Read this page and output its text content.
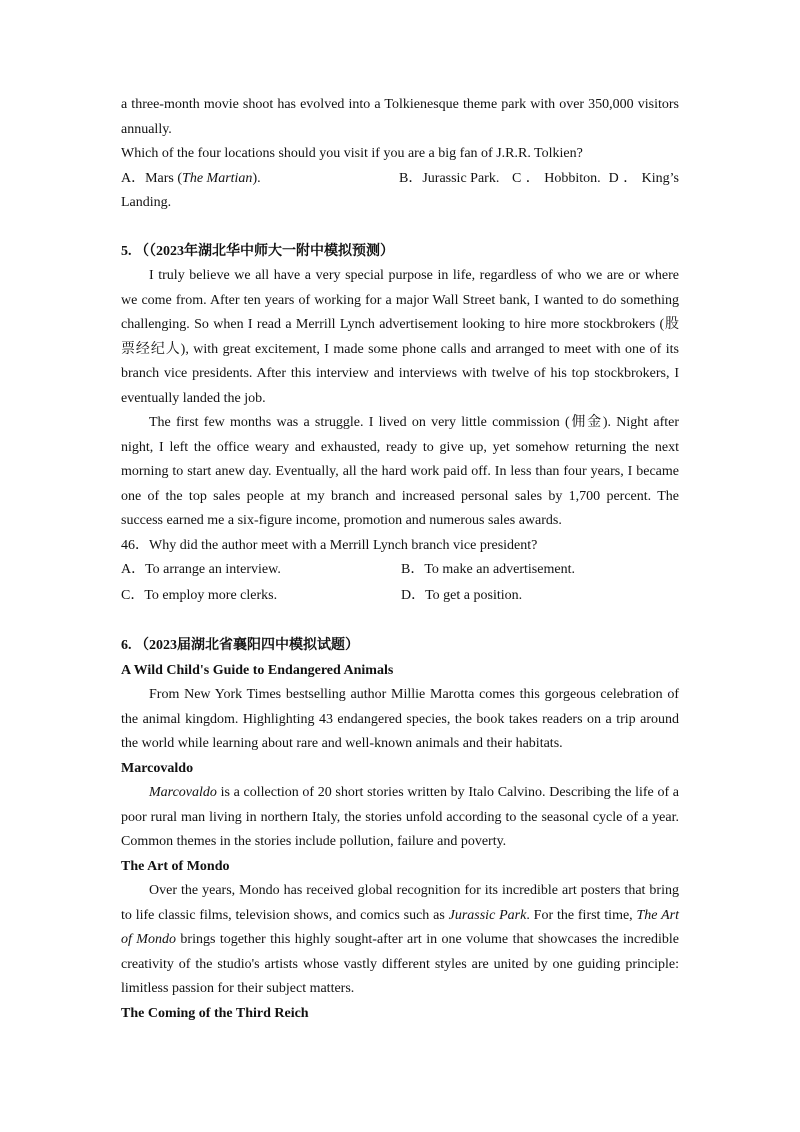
a three-month movie shoot has evolved into a Tolkienesque theme park with over 350,000 visitors annually.

Which of the four locations should you visit if you are a big fan of J.R.R. Tolkien?

A．Mars (The Martian).	B．Jurassic Park. C．Hobbiton. D．King’s Landing.

5. （（2023年湖北华中师大一附中模拟预测）

I truly believe we all have a very special purpose in life, regardless of who we are or where we come from. After ten years of working for a major Wall Street bank, I wanted to do something challenging. So when I read a Merrill Lynch advertisement looking to hire more stockbrokers (股票经纪人), with great excitement, I made some phone calls and arranged to meet with one of its branch vice presidents. After this interview and interviews with twelve of his top stockbrokers, I eventually landed the job.

The first few months was a struggle. I lived on very little commission (佣金). Night after night, I left the office weary and exhausted, ready to give up, yet somehow returning the next morning to start anew day. Eventually, all the hard work paid off. In less than four years, I became one of the top sales people at my branch and increased personal sales by 1,700 percent. The success earned me a six-figure income, promotion and numerous sales awards.

46．Why did the author meet with a Merrill Lynch branch vice president?

A．To arrange an interview.	B．To make an advertisement.
C．To employ more clerks.	D．To get a position.

6. （2023届湖北省襄阳四中模拟试题）

A Wild Child's Guide to Endangered Animals

From New York Times bestselling author Millie Marotta comes this gorgeous celebration of the animal kingdom. Highlighting 43 endangered species, the book takes readers on a trip around the world while learning about rare and well-known animals and their habitats.

Marcovaldo

Marcovaldo is a collection of 20 short stories written by Italo Calvino. Describing the life of a poor rural man living in northern Italy, the stories unfold according to the seasonal cycle of a year. Common themes in the stories include pollution, failure and poverty.

The Art of Mondo

Over the years, Mondo has received global recognition for its incredible art posters that bring to life classic films, television shows, and comics such as Jurassic Park. For the first time, The Art of Mondo brings together this highly sought-after art in one volume that showcases the incredible creativity of the studio's artists whose vastly different styles are united by one guiding principle: limitless passion for their subject matters.

The Coming of the Third Reich
